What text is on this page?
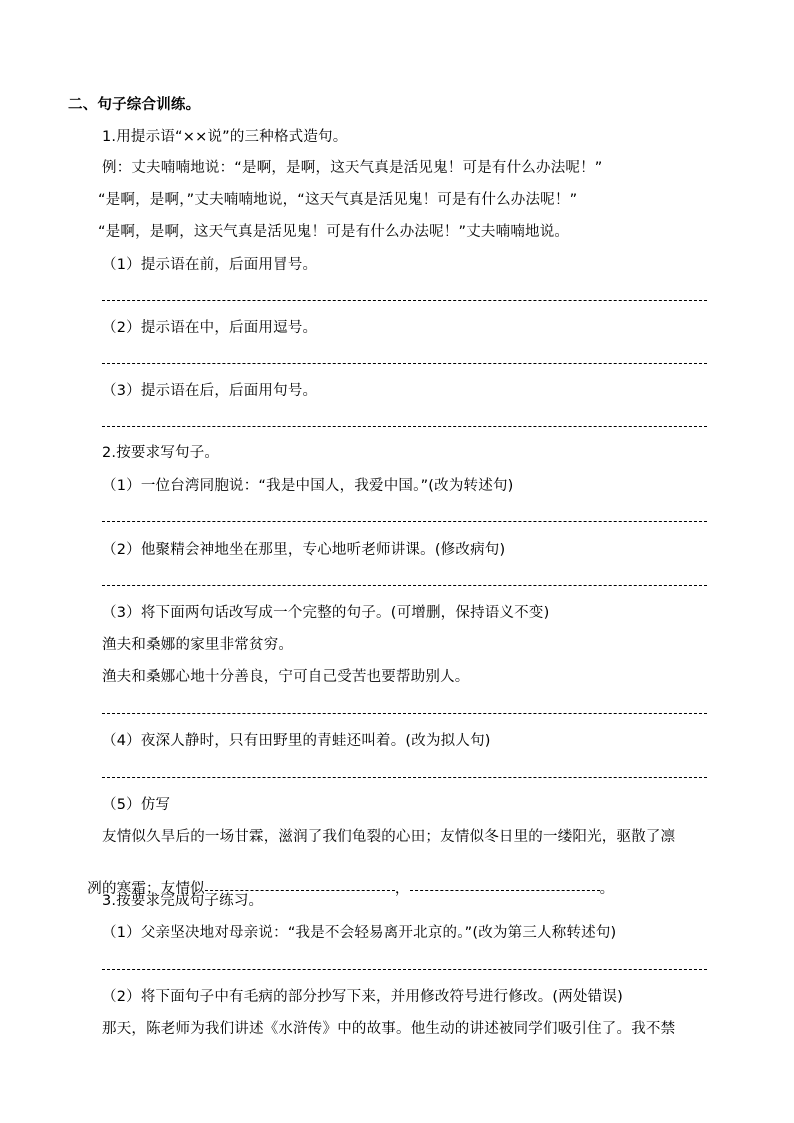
二、句子综合训练。
1.用提示语“××说”的三种格式造句。
例：丈夫喃喃地说：“是啊，是啊，这天气真是活见鬼！可是有什么办法呢！”
“是啊，是啊，”丈夫喃喃地说，“这天气真是活见鬼！可是有什么办法呢！”
“是啊，是啊，这天气真是活见鬼！可是有什么办法呢！”丈夫喃喃地说。
（1）提示语在前，后面用冒号。
（2）提示语在中，后面用逗号。
（3）提示语在后，后面用句号。
2.按要求写句子。
（1）一位台湾同胞说：“我是中国人，我爱中国。”(改为转述句)
（2）他聚精会神地坐在那里，专心地听老师讲课。(修改病句)
（3）将下面两句话改写成一个完整的句子。(可增删，保持语义不变)
渔夫和桑娜的家里非常贫穷。
渔夫和桑娜心地十分善良，宁可自己受苦也要帮助别人。
（4）夜深人静时，只有田野里的青蛙还叫着。(改为拟人句)
（5）仿写
友情似久旱后的一场甘霖，滋润了我们龟裂的心田；友情似冬日里的一缕阳光，驱散了凛

冽的寒霜；友情似	，	。

3.按要求完成句子练习。
（1）父亲坚决地对母亲说：“我是不会轻易离开北京的。”(改为第三人称转述句)
（2）将下面句子中有毛病的部分抄写下来，并用修改符号进行修改。(两处错误)
那天，陈老师为我们讲述《水浒传》中的故事。他生动的讲述被同学们吸引住了。我不禁
